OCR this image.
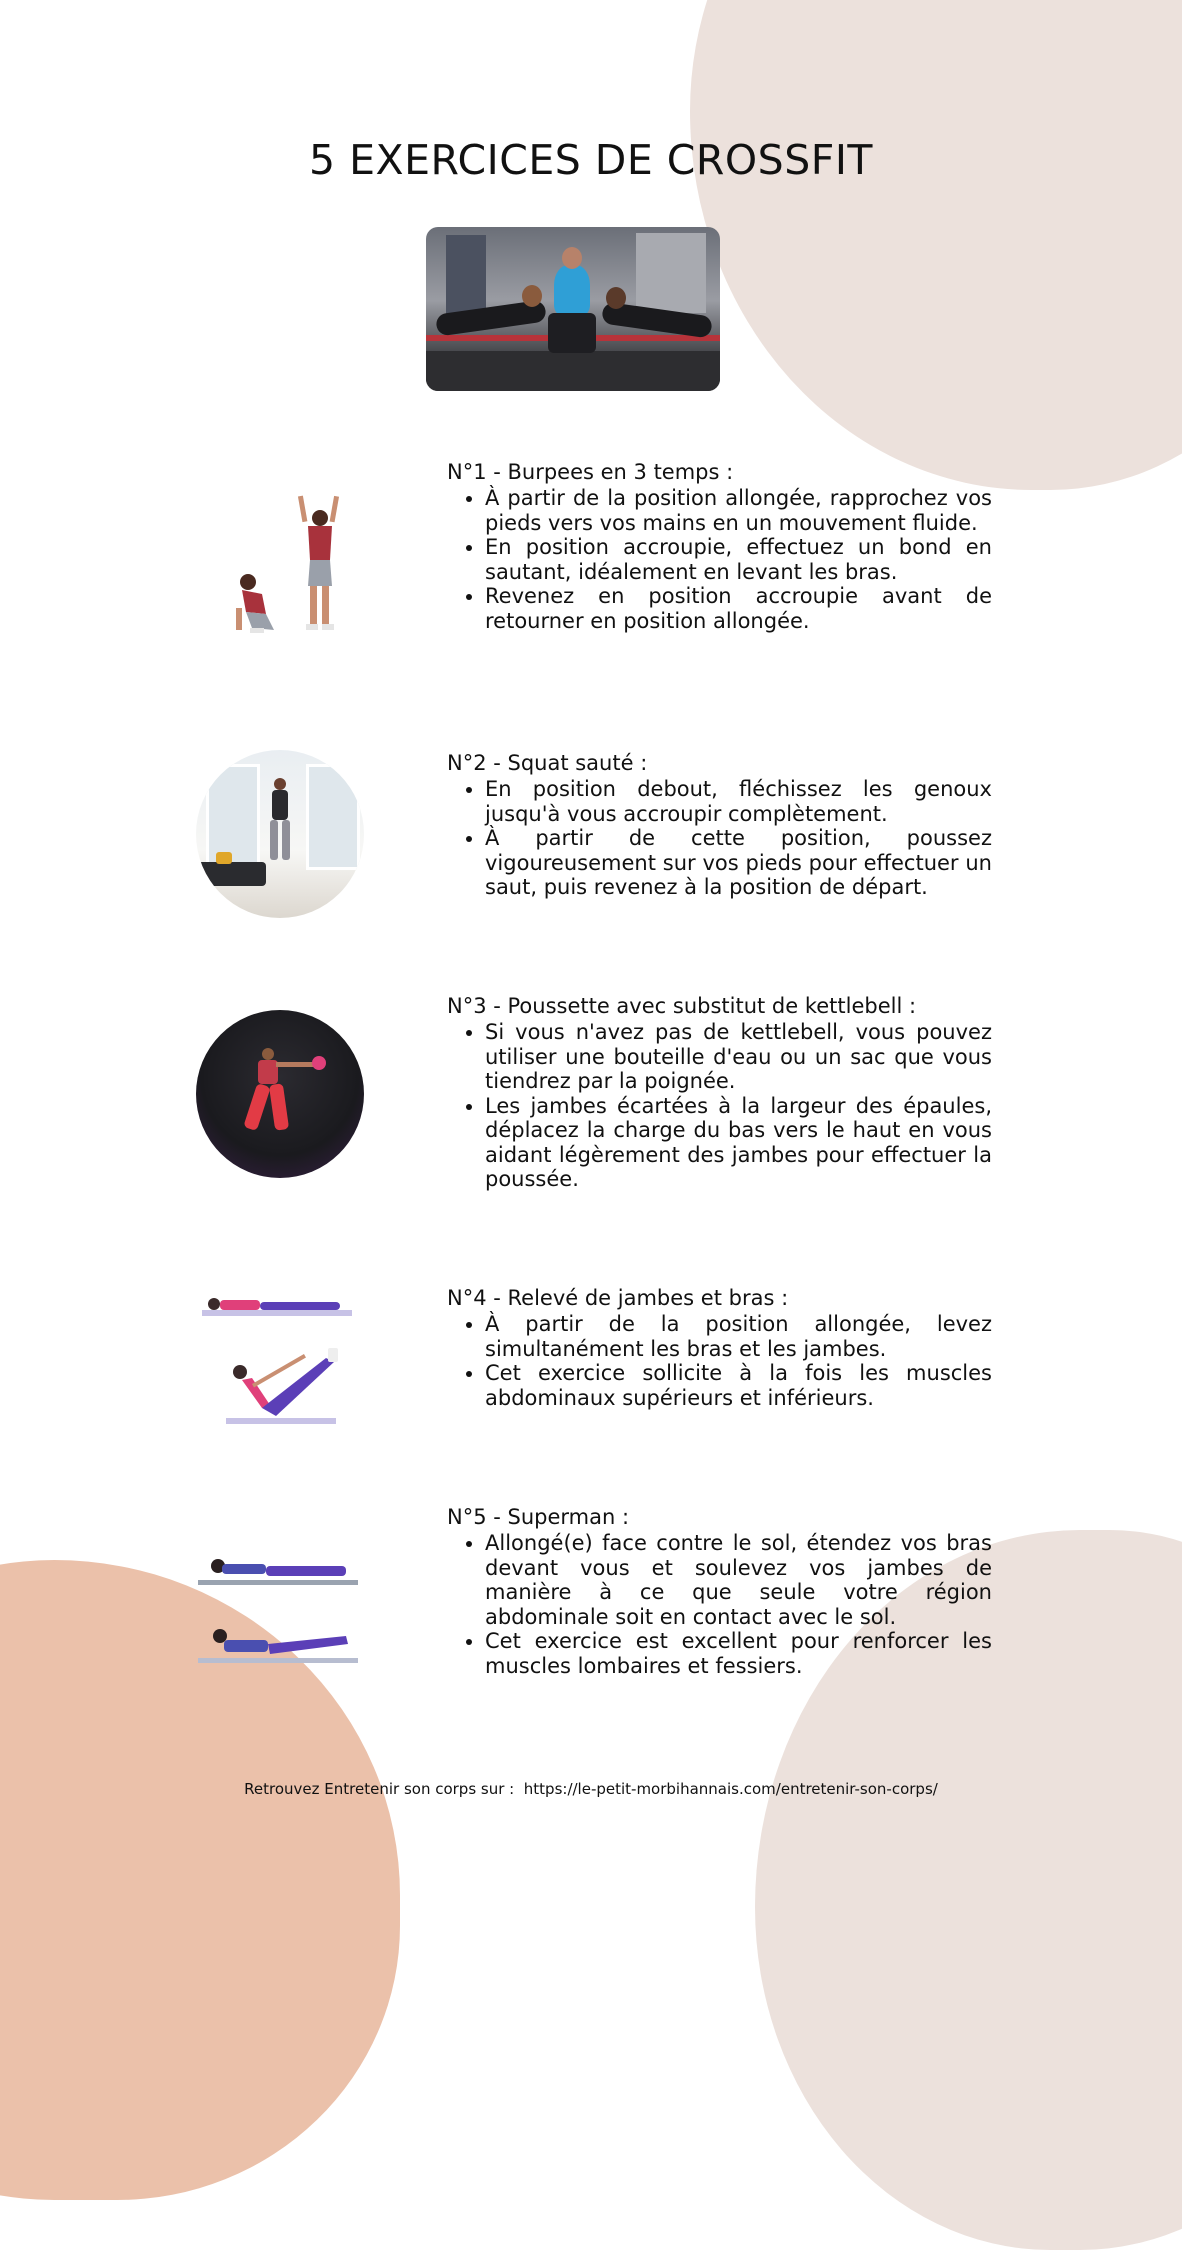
5 EXERCICES DE CROSSFIT

N°1 - Burpees en 3 temps :

• À partir de la position allongée, rapprochez vos pieds vers vos mains en un mouvement fluide.
• En position accroupie, effectuez un bond en sautant, idéalement en levant les bras.
• Revenez en position accroupie avant de retourner en position allongée.

N°2 - Squat sauté :

• En position debout, fléchissez les genoux jusqu'à vous accroupir complètement.
• À partir de cette position, poussez vigoureusement sur vos pieds pour effectuer un saut, puis revenez à la position de départ.

N°3 - Poussette avec substitut de kettlebell :

• Si vous n'avez pas de kettlebell, vous pouvez utiliser une bouteille d'eau ou un sac que vous tiendrez par la poignée.
• Les jambes écartées à la largeur des épaules, déplacez la charge du bas vers le haut en vous aidant légèrement des jambes pour effectuer la poussée.

N°4 - Relevé de jambes et bras :

• À partir de la position allongée, levez simultanément les bras et les jambes.
• Cet exercice sollicite à la fois les muscles abdominaux supérieurs et inférieurs.

N°5 - Superman :

• Allongé(e) face contre le sol, étendez vos bras devant vous et soulevez vos jambes de manière à ce que seule votre région abdominale soit en contact avec le sol.
• Cet exercice est excellent pour renforcer les muscles lombaires et fessiers.
Retrouvez Entretenir son corps sur : https://le-petit-morbihannais.com/entretenir-son-corps/
